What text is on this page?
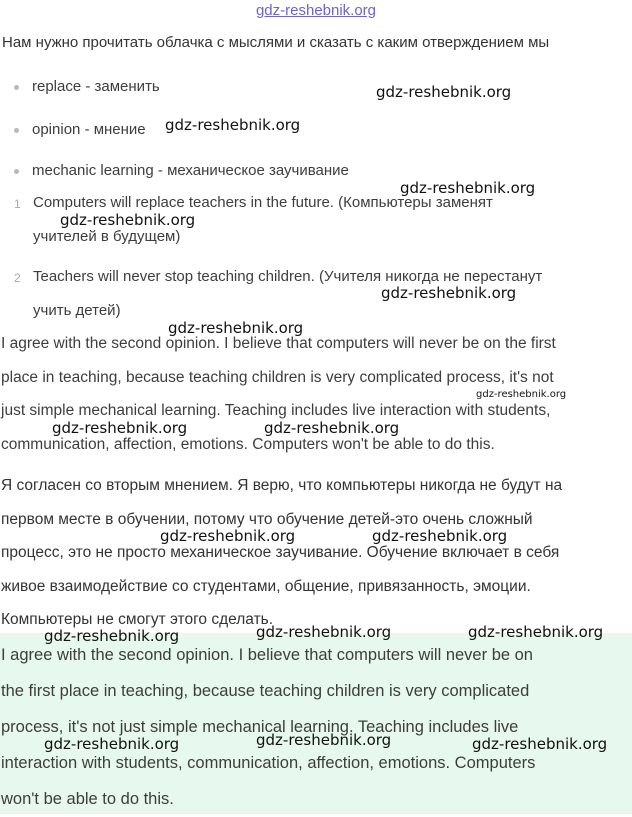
gdz-reshebnik.org
Нам нужно прочитать облачка с мыслями и сказать с каким отверждением мы
replace - заменить
opinion - мнение
mechanic learning - механическое заучивание
1 Computers will replace teachers in the future. (Компьютеры заменят
учителей в будущем)
2 Teachers will never stop teaching children. (Учителя никогда не перестанут
учить детей)
I agree with the second opinion. I believe that computers will never be on the first
place in teaching, because teaching children is very complicated process, it's not
just simple mechanical learning. Teaching includes live interaction with students,
communication, affection, emotions. Computers won't be able to do this.
Я согласен со вторым мнением. Я верю, что компьютеры никогда не будут на
первом месте в обучении, потому что обучение детей-это очень сложный
процесс, это не просто механическое заучивание. Обучение включает в себя
живое взаимодействие со студентами, общение, привязанность, эмоции.
Компьютеры не смогут этого сделать.
I agree with the second opinion. I believe that computers will never be on
the first place in teaching, because teaching children is very complicated
process, it's not just simple mechanical learning. Teaching includes live
interaction with students, communication, affection, emotions. Computers
won't be able to do this.
gdz-reshebnik.org
gdz-reshebnik.org
gdz-reshebnik.org
gdz-reshebnik.org
gdz-reshebnik.org
gdz-reshebnik.org
gdz-reshebnik.org
gdz-reshebnik.org	gdz-reshebnik.org
gdz-reshebnik.org	gdz-reshebnik.org
gdz-reshebnik.org	gdz-reshebnik.org	gdz-reshebnik.org
gdz-reshebnik.org	gdz-reshebnik.org	gdz-reshebnik.org
